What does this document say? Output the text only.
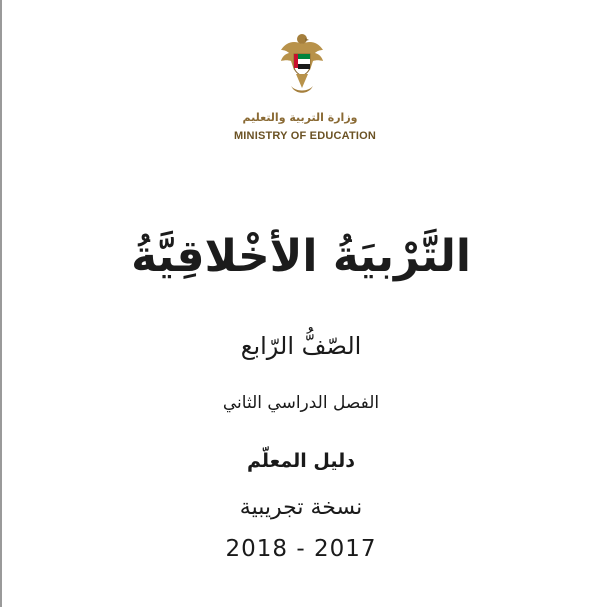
وزارة التربية والتعليم
MINISTRY OF EDUCATION
التَّرْبيَةُ الأخْلاقِيَّةُ
الصّفُّ الرّابع
الفصل الدراسي الثاني
دليل المعلّم
نسخة تجريبية
2018 - 2017
